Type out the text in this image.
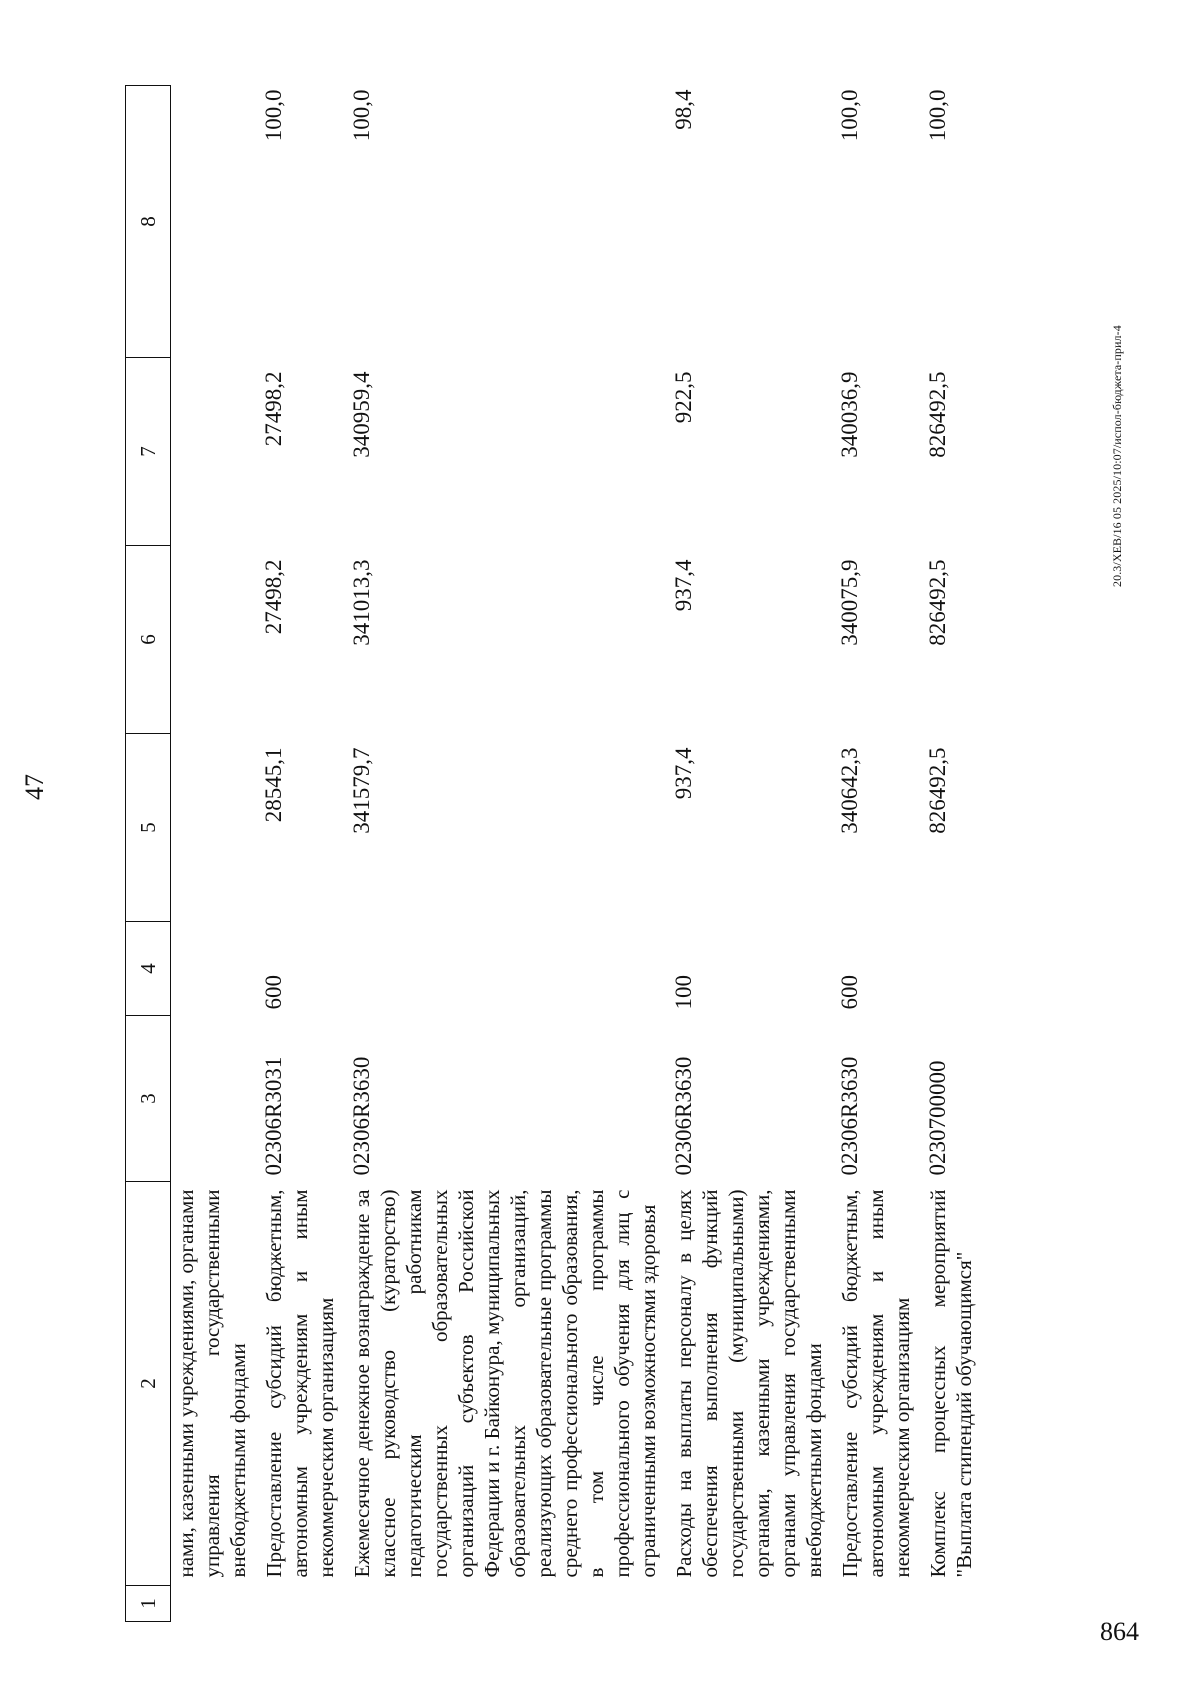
47
1	2	3	4	5	6	7	8
	нами, казенными учреждениями, органами управления государственными внебюджетными фондами						
	Предоставление субсидий бюджетным, автономным учреждениям и иным некоммерческим организациям	02306R3031	600	28545,1	27498,2	27498,2	100,0
	Ежемесячное денежное вознаграждение за классное руководство (кураторство) педагогическим работникам государственных образовательных организаций субъектов Российской Федерации и г. Байконура, муниципальных образовательных организаций, реализующих образовательные программы среднего профессионального образования, в том числе программы профессионального обучения для лиц с ограниченными возможностями здоровья	02306R3630		341579,7	341013,3	340959,4	100,0
	Расходы на выплаты персоналу в целях обеспечения выполнения функций государственными (муниципальными) органами, казенными учреждениями, органами управления государственными внебюджетными фондами	02306R3630	100	937,4	937,4	922,5	98,4
	Предоставление субсидий бюджетным, автономным учреждениям и иным некоммерческим организациям	02306R3630	600	340642,3	340075,9	340036,9	100,0
	Комплекс процессных мероприятий "Выплата стипендий обучающимся"	0230700000		826492,5	826492,5	826492,5	100,0
20.3/ХЕВ/16 05 2025/10:07/испол-бюджета-прил-4
864
